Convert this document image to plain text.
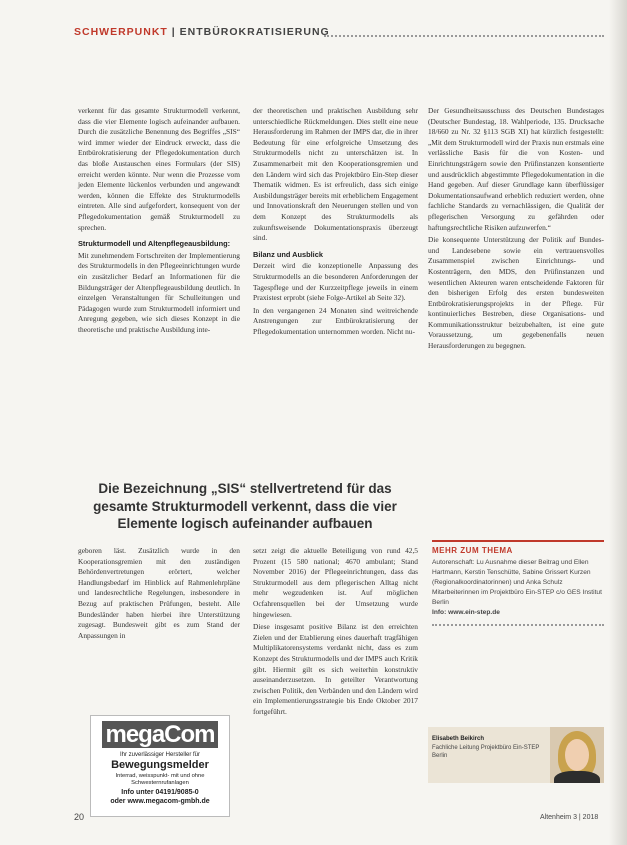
SCHWERPUNKT | ENTBÜROKRATISIERUNG

verkennt für das gesamte Strukturmodell verkennt, dass die vier Elemente logisch aufeinander aufbauen. Durch die zusätzliche Benennung des Begriffes „SIS“ wird immer wieder der Eindruck erweckt, dass die Entbürokratisierung der Pflegedokumentation durch das bloße Austauschen eines Formulars (der SIS) erreicht werden könnte. Nur wenn die Prozesse vom jeden Elemente lückenlos verbunden und angewandt werden, können die Effekte des Strukturmodells eintreten. Alle sind aufgefordert, konsequent von der Pflegedokumentation gemäß Strukturmodell zu sprechen.

Strukturmodell und Altenpflegeausbildung:

Mit zunehmendem Fortschreiten der Implementierung des Strukturmodells in den Pflegeeinrichtungen wurde ein zusätzlicher Bedarf an Informationen für die Bildungsträger der Altenpflegeausbildung deutlich. In einzelgen Veranstaltungen für Schulleitungen und Pädagogen wurde zum Strukturmodell informiert und Anregung gegeben, wie sich dieses Konzept in die theoretische und praktische Ausbildung inte-

der theoretischen und praktischen Ausbildung sehr unterschiedliche Rückmeldungen. Dies stellt eine neue Herausforderung im Rahmen der IMPS dar, die in ihrer Bedeutung für eine erfolgreiche Umsetzung des Strukturmodells nicht zu unterschätzen ist. In Zusammenarbeit mit den Kooperationsgremien und den Ländern wird sich das Projektbüro Ein-Step dieser Thematik widmen. Es ist erfreulich, dass sich einige Ausbildungsträger bereits mit erheblichem Engagement und Innovationskraft den Neuerungen stellen und von dem Konzept des Strukturmodells als zukunftsweisende Dokumentationspraxis überzeugt sind.

Bilanz und Ausblick

Derzeit wird die konzeptionelle Anpassung des Strukturmodells an die besonderen Anforderungen der Tagespflege und der Kurzzeitpflege jeweils in einem Praxistest erprobt (siehe Folge-Artikel ab Seite 32).

In den vergangenen 24 Monaten sind weitreichende Anstrengungen zur Entbürokratisierung der Pflegedokumentation unternommen worden. Nicht nu-

Der Gesundheitsausschuss des Deutschen Bundestages (Deutscher Bundestag, 18. Wahlperiode, 135. Drucksache 18/660 zu Nr. 32 §113 SGB XI) hat kürzlich festgestellt: „Mit dem Strukturmodell wird der Praxis nun erstmals eine verlässliche Basis für die von Kosten- und Einrichtungsträgern sowie den Prüfinstanzen konsentierte und ausdrücklich abgestimmte Pflegedokumentation in die Hand gegeben. Auf dieser Grundlage kann überflüssiger Dokumentationsaufwand erheblich reduziert werden, ohne fachliche Standards zu vernachlässigen, die Qualität der pflegerischen Versorgung zu gefährden oder haftungsrechtliche Risiken aufzuwerfen.“

Die konsequente Unterstützung der Politik auf Bundes- und Landesebene sowie ein vertrauensvolles Zusammenspiel zwischen Einrichtungs- und Kostenträgern, den MDS, den Prüfinstanzen und wesentlichen Akteuren waren entscheidende Faktoren für den bisherigen Erfolg des ersten bundesweiten Entbürokratisierungsprojekts in der Pflege. Für kontinuierliches Bestreben, diese Organisations- und Kommunikationsstruktur beizubehalten, ist eine gute Voraussetzung, um gegebenenfalls neuen Herausforderungen zu begegnen.

Die Bezeichnung „SIS“ stellvertretend für das gesamte Strukturmodell verkennt, dass die vier Elemente logisch aufeinander aufbauen

geboren läst. Zusätzlich wurde in den Kooperationsgremien mit den zuständigen Behördenvertretungen erörtert, welcher Handlungsbedarf im Hinblick auf Rahmenlehrpläne und landesrechtliche Regelungen, insbesondere in Bezug auf praktischen Prüfungen, besteht. Alle Bundesländer haben hierbei ihre Unterstützung zugesagt. Bundesweit gibt es zum Stand der Anpassungen in

setzt zeigt die aktuelle Beteiligung von rund 42,5 Prozent (15 580 national; 4670 ambulant; Stand November 2016) der Pflegeeinrichtungen, dass das Strukturmodell aus dem pflegerischen Alltag nicht mehr wegzudenken ist. Auf möglichen Ocfahrensquellen bei der Umsetzung wurde hingewiesen.

Diese insgesamt positive Bilanz ist den erreichten Zielen und der Etablierung eines dauerhaft tragfähigen Multiplikatorensystems verdankt nicht, dass es zum Konzept des Strukturmodells und der IMPS auch Kritik gibt. Hiermit gilt es sich weiterhin konstruktiv auseinanderzusetzen. In geteilter Verantwortung zwischen Politik, den Verbänden und den Ländern wird ein Implementierungsstrategie bis Ende Oktober 2017 fortgeführt.

MEHR ZUM THEMA
Autorenschaft: Lu Ausnahme dieser Beitrag und Ellen Hartmann, Kerstin Tenschütte, Sabine Grissert Kurzen (Regionalkoordinatorinnen) und Anka Schulz Mitarbeiterinnen im Projektbüro Ein-STEP c/o GES Institut Berlin
Info: www.ein-step.de
megaCom
Ihr zuverlässiger Hersteller für
Bewegungsmelder
Interrad, weisspunkt- mit und ohne Schwesternrufanlagen
Info unter 04191/9085-0
oder www.megacom-gmbh.de
Elisabeth Beikirch
Fachliche Leitung Projektbüro Ein-STEP
Berlin
20	Altenheim 3 | 2018
